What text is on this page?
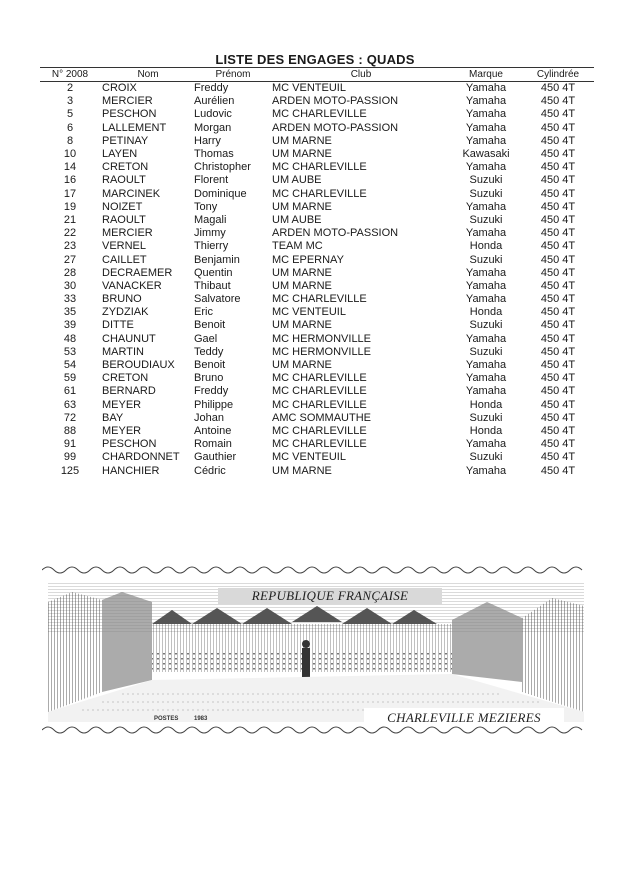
LISTE DES ENGAGES : QUADS
N° 2008	Nom	Prénom	Club	Marque	Cylindrée
2	CROIX	Freddy	MC VENTEUIL	Yamaha	450 4T
3	MERCIER	Aurélien	ARDEN MOTO-PASSION	Yamaha	450 4T
5	PESCHON	Ludovic	MC CHARLEVILLE	Yamaha	450 4T
6	LALLEMENT	Morgan	ARDEN MOTO-PASSION	Yamaha	450 4T
8	PETINAY	Harry	UM MARNE	Yamaha	450 4T
10	LAYEN	Thomas	UM MARNE	Kawasaki	450 4T
14	CRETON	Christopher	MC CHARLEVILLE	Yamaha	450 4T
16	RAOULT	Florent	UM AUBE	Suzuki	450 4T
17	MARCINEK	Dominique	MC CHARLEVILLE	Suzuki	450 4T
19	NOIZET	Tony	UM MARNE	Yamaha	450 4T
21	RAOULT	Magali	UM AUBE	Suzuki	450 4T
22	MERCIER	Jimmy	ARDEN MOTO-PASSION	Yamaha	450 4T
23	VERNEL	Thierry	TEAM MC	Honda	450 4T
27	CAILLET	Benjamin	MC EPERNAY	Suzuki	450 4T
28	DECRAEMER	Quentin	UM MARNE	Yamaha	450 4T
30	VANACKER	Thibaut	UM MARNE	Yamaha	450 4T
33	BRUNO	Salvatore	MC CHARLEVILLE	Yamaha	450 4T
35	ZYDZIAK	Eric	MC VENTEUIL	Honda	450 4T
39	DITTE	Benoit	UM MARNE	Suzuki	450 4T
48	CHAUNUT	Gael	MC HERMONVILLE	Yamaha	450 4T
53	MARTIN	Teddy	MC HERMONVILLE	Suzuki	450 4T
54	BEROUDIAUX	Benoit	UM MARNE	Yamaha	450 4T
59	CRETON	Bruno	MC CHARLEVILLE	Yamaha	450 4T
61	BERNARD	Freddy	MC CHARLEVILLE	Yamaha	450 4T
63	MEYER	Philippe	MC CHARLEVILLE	Honda	450 4T
72	BAY	Johan	AMC SOMMAUTHE	Suzuki	450 4T
88	MEYER	Antoine	MC CHARLEVILLE	Honda	450 4T
91	PESCHON	Romain	MC CHARLEVILLE	Yamaha	450 4T
99	CHARDONNET	Gauthier	MC VENTEUIL	Suzuki	450 4T
125	HANCHIER	Cédric	UM MARNE	Yamaha	450 4T
REPUBLIQUE FRANÇAISE
CHARLEVILLE MEZIERES
POSTES	1983
